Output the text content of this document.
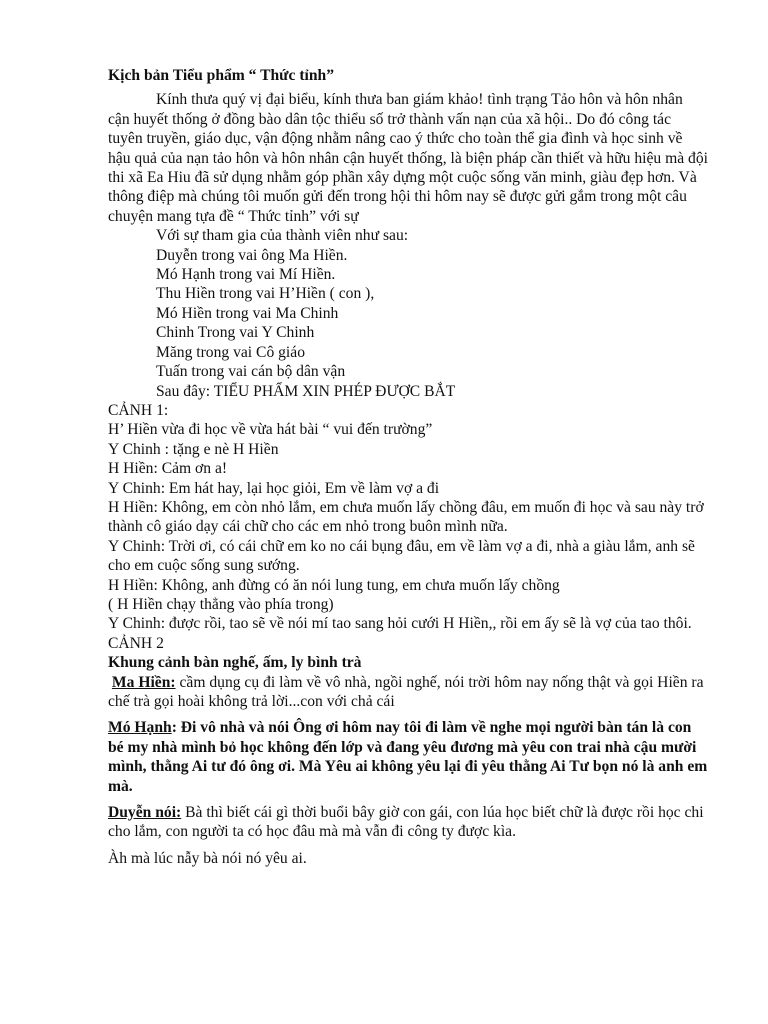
Kịch bản Tiểu phẩm “ Thức tỉnh”

Kính thưa quý vị đại biểu, kính thưa ban giám khảo! tình trạng Tảo hôn và hôn nhân cận huyết thống ở đồng bào dân tộc thiểu số trở thành vấn nạn của xã hội.. Do đó công tác tuyên truyền, giáo dục, vận động nhằm nâng cao ý thức cho toàn thể gia đình và học sinh về hậu quả của nạn tảo hôn và hôn nhân cận huyết thống, là biện pháp cần thiết và hữu hiệu mà đội thi xã Ea Hiu đã sử dụng nhằm góp phần xây dựng một cuộc sống văn minh, giàu đẹp hơn. Và thông điệp mà chúng tôi muốn gửi đến trong hội thi hôm nay sẽ được gửi gắm trong một câu chuyện mang tựa đề “ Thức tỉnh” với sự

Với sự tham gia của thành viên như sau:
Duyễn trong vai ông Ma Hiền.
Mó Hạnh trong vai Mí Hiền.
Thu Hiền trong vai H’Hiền ( con ),
Mó Hiền trong vai Ma Chinh
Chinh Trong vai Y Chinh
Măng trong vai Cô giáo
Tuấn trong vai cán bộ dân vận
Sau đây: TIỂU PHẨM XIN PHÉP ĐƯỢC BẮT
CẢNH 1:
H’ Hiền vừa đi học về vừa hát bài “ vui đến trường”
Y Chinh : tặng e nè H Hiền
H Hiền: Cảm ơn a!
Y Chinh: Em hát hay, lại học giỏi, Em về làm vợ a đi
H Hiền: Không, em còn nhỏ lắm, em chưa muốn lấy chồng đâu, em muốn đi học và sau này trở thành cô giáo dạy cái chữ cho các em nhỏ trong buôn mình nữa.
Y Chinh: Trời ơi, có cái chữ em ko no cái bụng đâu, em về làm vợ a đi, nhà a giàu lắm, anh sẽ cho em cuộc sống sung sướng.
H Hiền: Không, anh đừng có ăn nói lung tung, em chưa muốn lấy chồng
( H Hiền chạy thẳng vào phía trong)
Y Chinh: được rồi, tao sẽ về nói mí tao sang hỏi cưới H Hiền,, rồi em ấy sẽ là vợ của tao thôi.
CẢNH 2
Khung cảnh bàn nghế, ấm, ly bình trà

Ma Hiền: cầm dụng cụ đi làm về vô nhà, ngồi nghế, nói trời hôm nay nống thật và gọi Hiền ra chế trà gọi hoài không trả lời...con với chả cái

Mó Hạnh: Đi vô nhà và nói Ông ơi hôm nay tôi đi làm về nghe mọi người bàn tán là con bé my nhà mình bỏ học không đến lớp và đang yêu đương mà yêu con trai nhà cậu mười mình, thằng Ai tư đó ông ơi. Mà Yêu ai không yêu lại đi yêu thằng Ai Tư bọn nó là anh em mà.

Duyễn nói: Bà thì biết cái gì thời buổi bây giờ con gái, con lúa học biết chữ là được rồi học chi cho lắm, con người ta có học đâu mà mà vẫn đi công ty được kìa.

Àh mà lúc nẫy bà nói nó yêu ai.
